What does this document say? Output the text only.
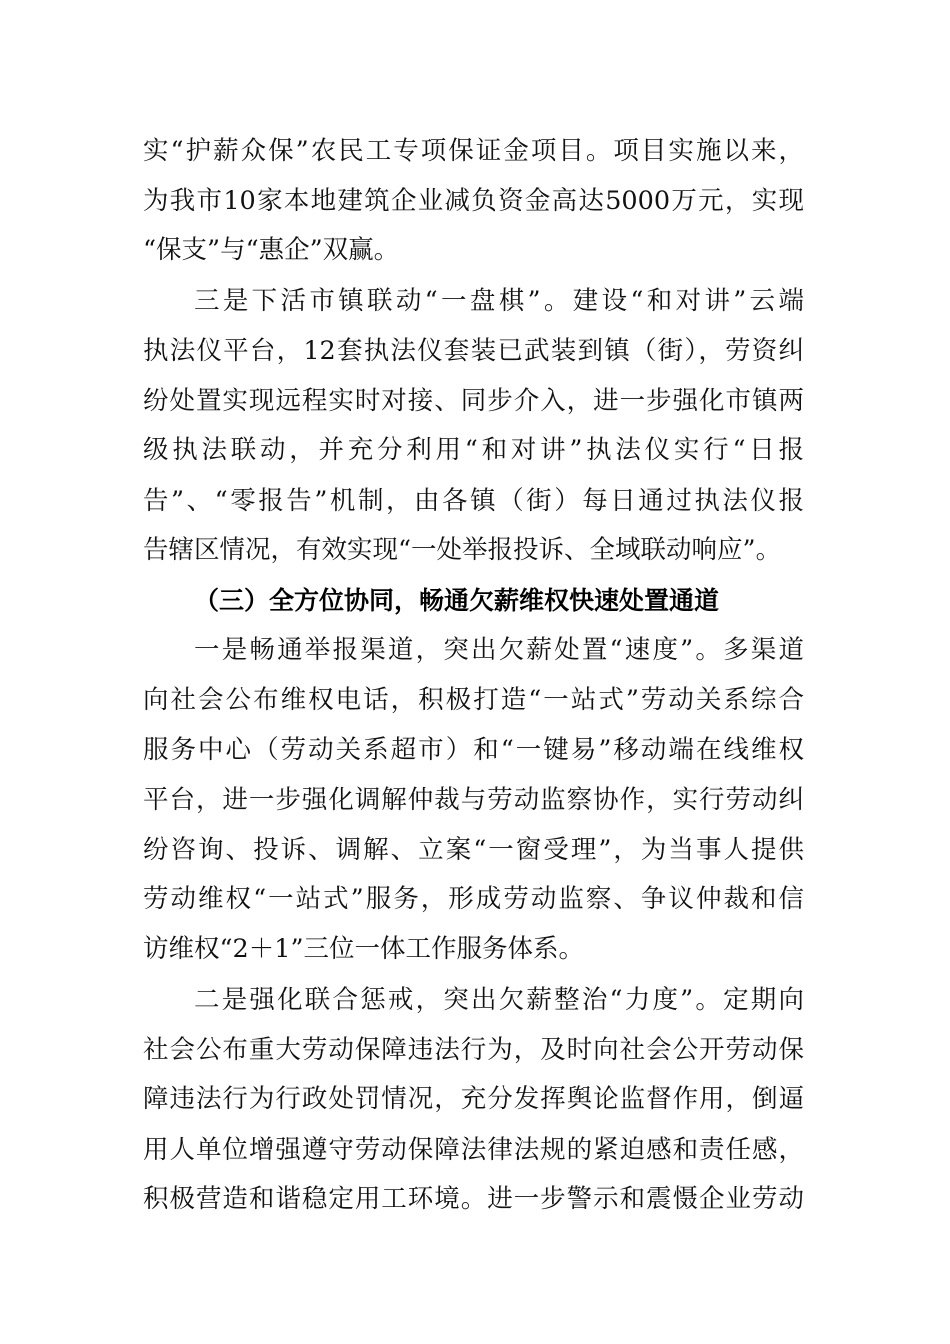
实“护薪众保”农民工专项保证金项目。项目实施以来，
为我市10家本地建筑企业减负资金高达5000万元，实现
“保支”与“惠企”双赢。
三是下活市镇联动“一盘棋”。建设“和对讲”云端
执法仪平台，12套执法仪套装已武装到镇（街），劳资纠
纷处置实现远程实时对接、同步介入，进一步强化市镇两
级执法联动，并充分利用“和对讲”执法仪实行“日报
告”、“零报告”机制，由各镇（街）每日通过执法仪报
告辖区情况，有效实现“一处举报投诉、全域联动响应”。
（三）全方位协同，畅通欠薪维权快速处置通道
一是畅通举报渠道，突出欠薪处置“速度”。多渠道
向社会公布维权电话，积极打造“一站式”劳动关系综合
服务中心（劳动关系超市）和“一键易”移动端在线维权
平台，进一步强化调解仲裁与劳动监察协作，实行劳动纠
纷咨询、投诉、调解、立案“一窗受理”，为当事人提供
劳动维权“一站式”服务，形成劳动监察、争议仲裁和信
访维权“2＋1”三位一体工作服务体系。
二是强化联合惩戒，突出欠薪整治“力度”。定期向
社会公布重大劳动保障违法行为，及时向社会公开劳动保
障违法行为行政处罚情况，充分发挥舆论监督作用，倒逼
用人单位增强遵守劳动保障法律法规的紧迫感和责任感，
积极营造和谐稳定用工环境。进一步警示和震慑企业劳动
